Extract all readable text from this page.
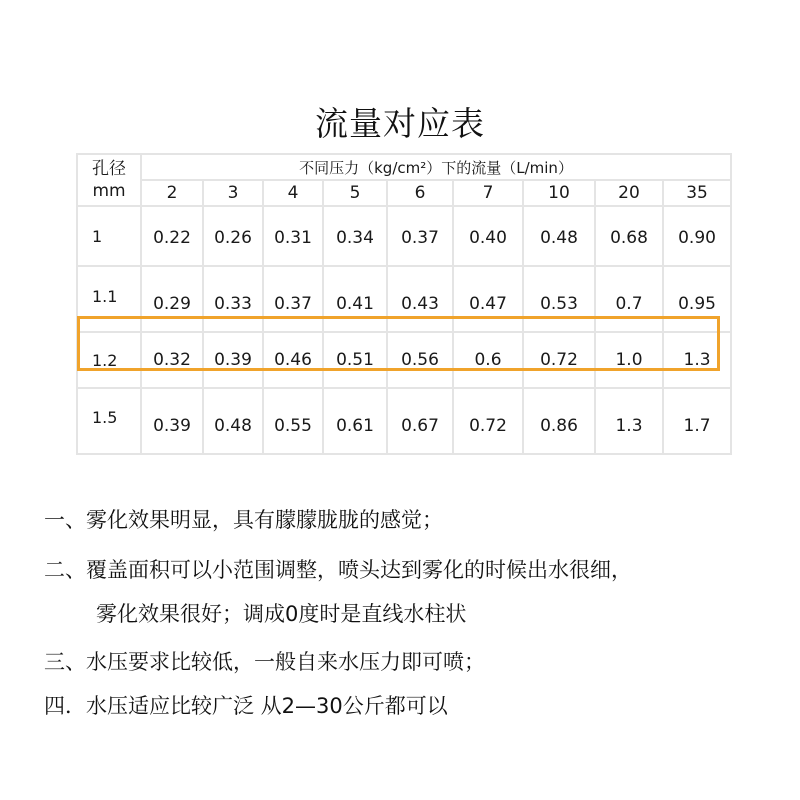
流量对应表
孔径
mm	不同压力（kg/cm²）下的流量（L/min）								
	2	3	4	5	6	7	10	20	35
1	0.22	0.26	0.31	0.34	0.37	0.40	0.48	0.68	0.90
1.1	0.29	0.33	0.37	0.41	0.43	0.47	0.53	0.7	0.95
1.2	0.32	0.39	0.46	0.51	0.56	0.6	0.72	1.0	1.3
1.5	0.39	0.48	0.55	0.61	0.67	0.72	0.86	1.3	1.7
一、雾化效果明显，具有朦朦胧胧的感觉；
二、覆盖面积可以小范围调整，喷头达到雾化的时候出水很细，
雾化效果很好；调成0度时是直线水柱状
三、水压要求比较低，一般自来水压力即可喷；
四．水压适应比较广泛 从2—30公斤都可以
